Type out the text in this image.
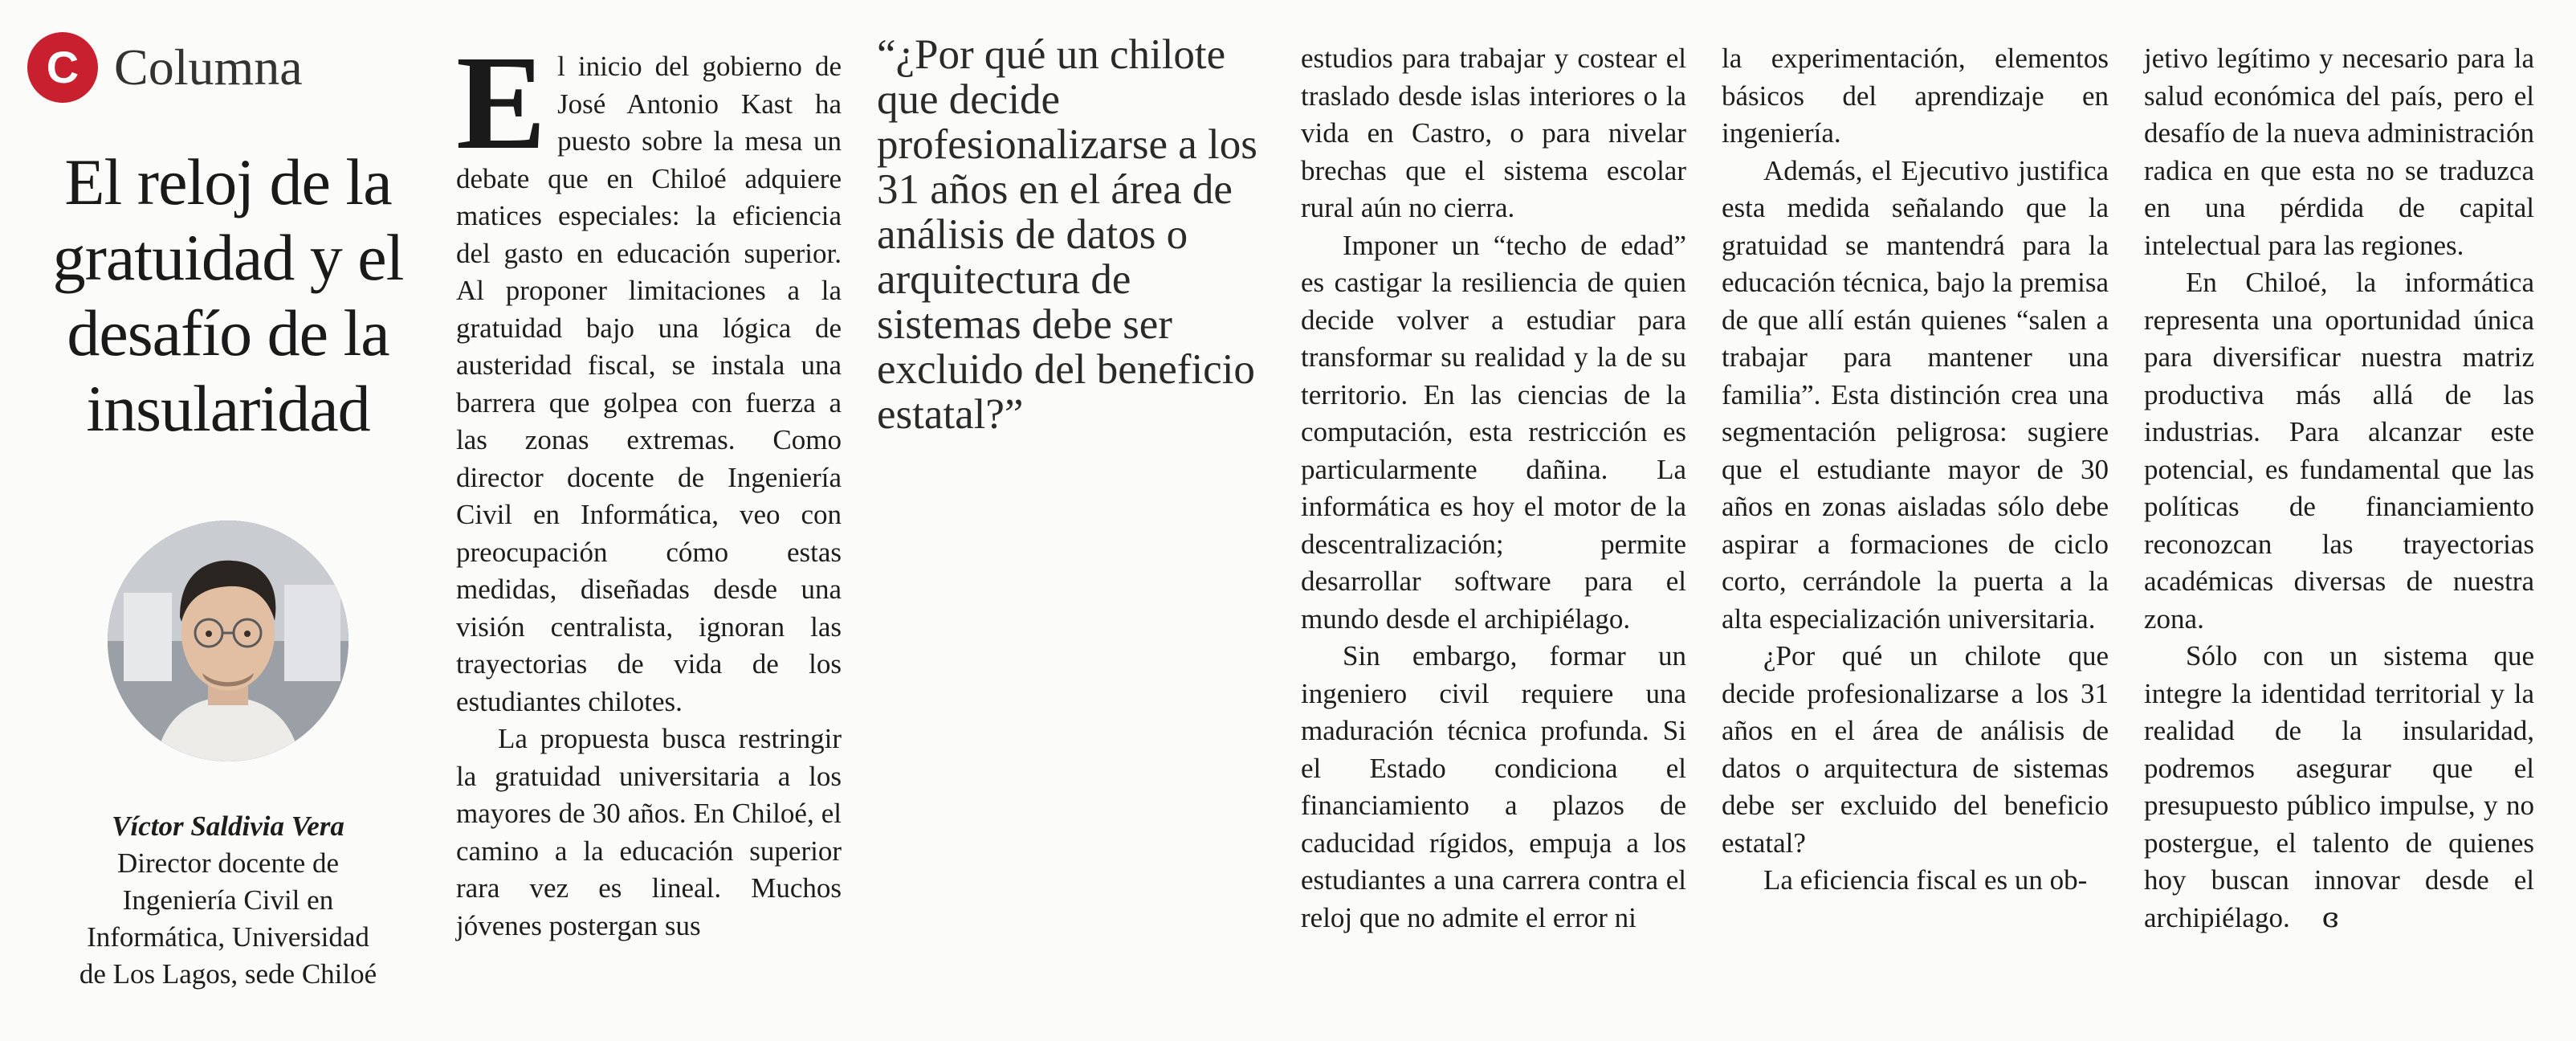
C Columna
El reloj de la gratuidad y el desafío de la insularidad
Víctor Saldivia Vera
Director docente de
Ingeniería Civil en
Informática, Universidad
de Los Lagos, sede Chiloé

El inicio del gobierno de José Antonio Kast ha puesto sobre la mesa un debate que en Chiloé adquiere matices especiales: la eficiencia del gasto en educación superior. Al proponer limitaciones a la gratuidad bajo una lógica de austeridad fiscal, se instala una barrera que golpea con fuerza a las zonas extremas. Como director docente de Ingeniería Civil en Informática, veo con preocupación cómo estas medidas, diseñadas desde una visión centralista, ignoran las trayectorias de vida de los estudiantes chilotes.

La propuesta busca restringir la gratuidad universitaria a los mayores de 30 años. En Chiloé, el camino a la educación superior rara vez es lineal. Muchos jóvenes postergan sus

“¿Por qué un chilote que decide profesionalizarse a los 31 años en el área de análisis de datos o arquitectura de sistemas debe ser excluido del beneficio estatal?”

estudios para trabajar y costear el traslado desde islas interiores o la vida en Castro, o para nivelar brechas que el sistema escolar rural aún no cierra.

Imponer un “techo de edad” es castigar la resiliencia de quien decide volver a estudiar para transformar su realidad y la de su territorio. En las ciencias de la computación, esta restricción es particularmente dañina. La informática es hoy el motor de la descentralización; permite desarrollar software para el mundo desde el archipiélago.

Sin embargo, formar un ingeniero civil requiere una maduración técnica profunda. Si el Estado condiciona el financiamiento a plazos de caducidad rígidos, empuja a los estudiantes a una carrera contra el reloj que no admite el error ni

la experimentación, elementos básicos del aprendizaje en ingeniería.

Además, el Ejecutivo justifica esta medida señalando que la gratuidad se mantendrá para la educación técnica, bajo la premisa de que allí están quienes “salen a trabajar para mantener una familia”. Esta distinción crea una segmentación peligrosa: sugiere que el estudiante mayor de 30 años en zonas aisladas sólo debe aspirar a formaciones de ciclo corto, cerrándole la puerta a la alta especialización universitaria.

¿Por qué un chilote que decide profesionalizarse a los 31 años en el área de análisis de datos o arquitectura de sistemas debe ser excluido del beneficio estatal?

La eficiencia fiscal es un ob-

jetivo legítimo y necesario para la salud económica del país, pero el desafío de la nueva administración radica en que esta no se traduzca en una pérdida de capital intelectual para las regiones.

En Chiloé, la informática representa una oportunidad única para diversificar nuestra matriz productiva más allá de las industrias. Para alcanzar este potencial, es fundamental que las políticas de financiamiento reconozcan las trayectorias académicas diversas de nuestra zona.

Sólo con un sistema que integre la identidad territorial y la realidad de la insularidad, podremos asegurar que el presupuesto público impulse, y no postergue, el talento de quienes hoy buscan innovar desde el archipiélago. ɞ
